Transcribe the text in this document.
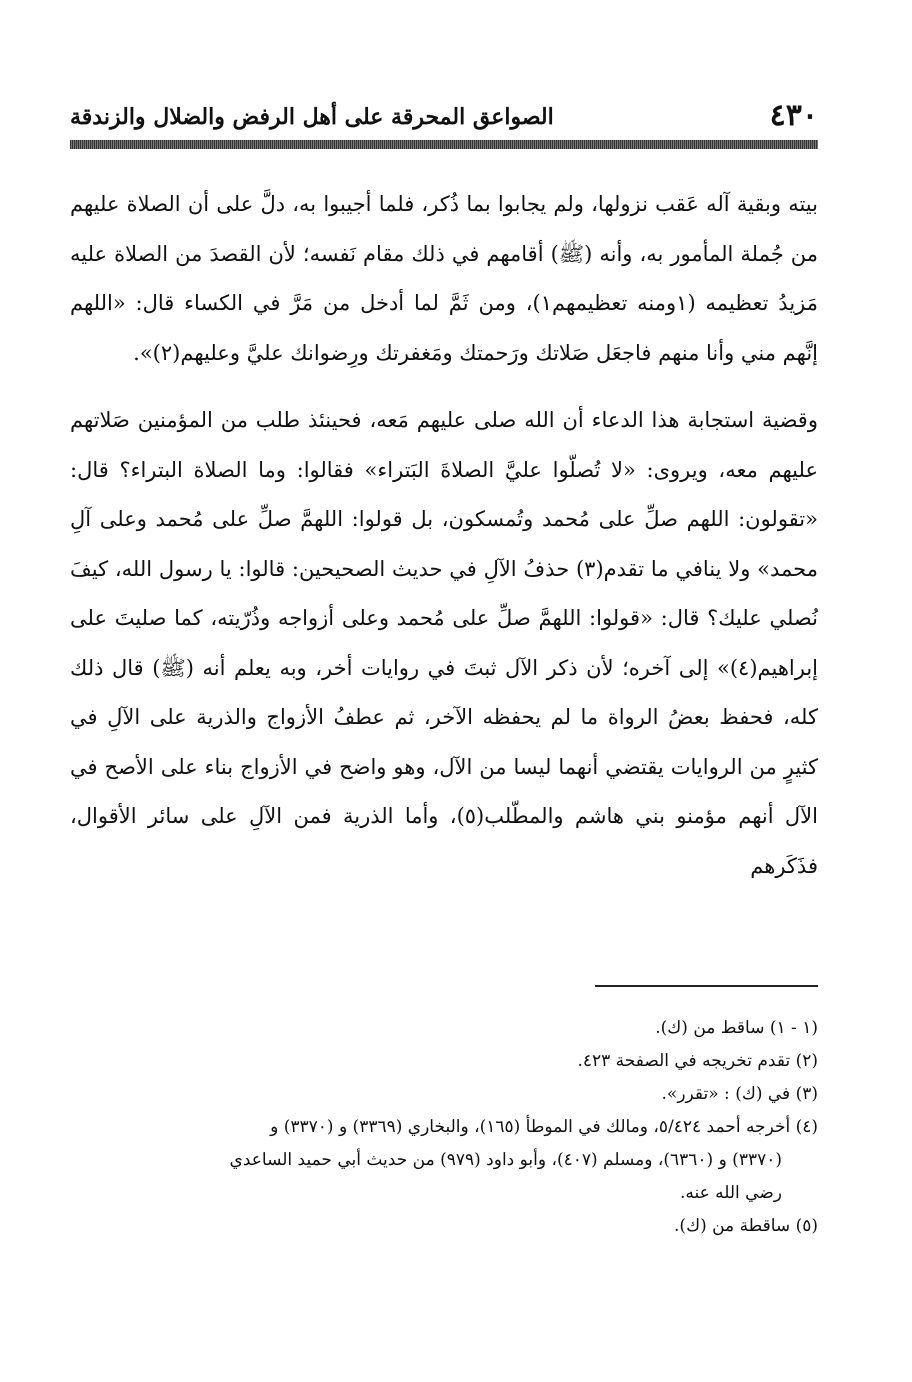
٤٣٠
الصواعق المحرقة على أهل الرفض والضلال والزندقة

بيته وبقية آله عَقب نزولها، ولم يجابوا بما ذُكر، فلما أجيبوا به، دلَّ على أن الصلاة عليهم من جُملة المأمور به، وأنه (ﷺ) أقامهم في ذلك مقام نَفسه؛ لأن القصدَ من الصلاة عليه مَزيدُ تعظيمه (١ومنه تعظيمهم١)، ومن ثَمَّ لما أدخل من مَرَّ في الكساء قال: «اللهم إنَّهم مني وأنا منهم فاجعَل صَلاتك ورَحمتك ومَغفرتك ورِضوانك عليَّ وعليهم(٢)».

وقضية استجابة هذا الدعاء أن الله صلى عليهم مَعه، فحينئذ طلب من المؤمنين صَلاتهم عليهم معه، ويروى: «لا تُصلّوا عليَّ الصلاةَ البَتراء» فقالوا: وما الصلاة البتراء؟ قال: «تقولون: اللهم صلِّ على مُحمد وتُمسكون، بل قولوا: اللهمَّ صلِّ على مُحمد وعلى آلِ محمد» ولا ينافي ما تقدم(٣) حذفُ الآلِ في حديث الصحيحين: قالوا: يا رسول الله، كيفَ نُصلي عليك؟ قال: «قولوا: اللهمَّ صلِّ على مُحمد وعلى أزواجه وذُرّيته، كما صليتَ على إبراهيم(٤)» إلى آخره؛ لأن ذكر الآل ثبتَ في روايات أخر، وبه يعلم أنه (ﷺ) قال ذلك كله، فحفظ بعضُ الرواة ما لم يحفظه الآخر، ثم عطفُ الأزواج والذرية على الآلِ في كثيرٍ من الروايات يقتضي أنهما ليسا من الآل، وهو واضح في الأزواج بناء على الأصح في الآل أنهم مؤمنو بني هاشم والمطّلب(٥)، وأما الذرية فمن الآلِ على سائر الأقوال، فذَكَرهم

(١ - ١) ساقط من (ك).

(٢) تقدم تخريجه في الصفحة ٤٢٣.

(٣) في (ك) : «تقرر».

(٤) أخرجه أحمد ٥/٤٢٤، ومالك في الموطأ (١٦٥)، والبخاري (٣٣٦٩) و (٣٣٧٠) و

(٣٣٧٠) و (٦٣٦٠)، ومسلم (٤٠٧)، وأبو داود (٩٧٩) من حديث أبي حميد الساعدي

رضي الله عنه.

(٥) ساقطة من (ك).
